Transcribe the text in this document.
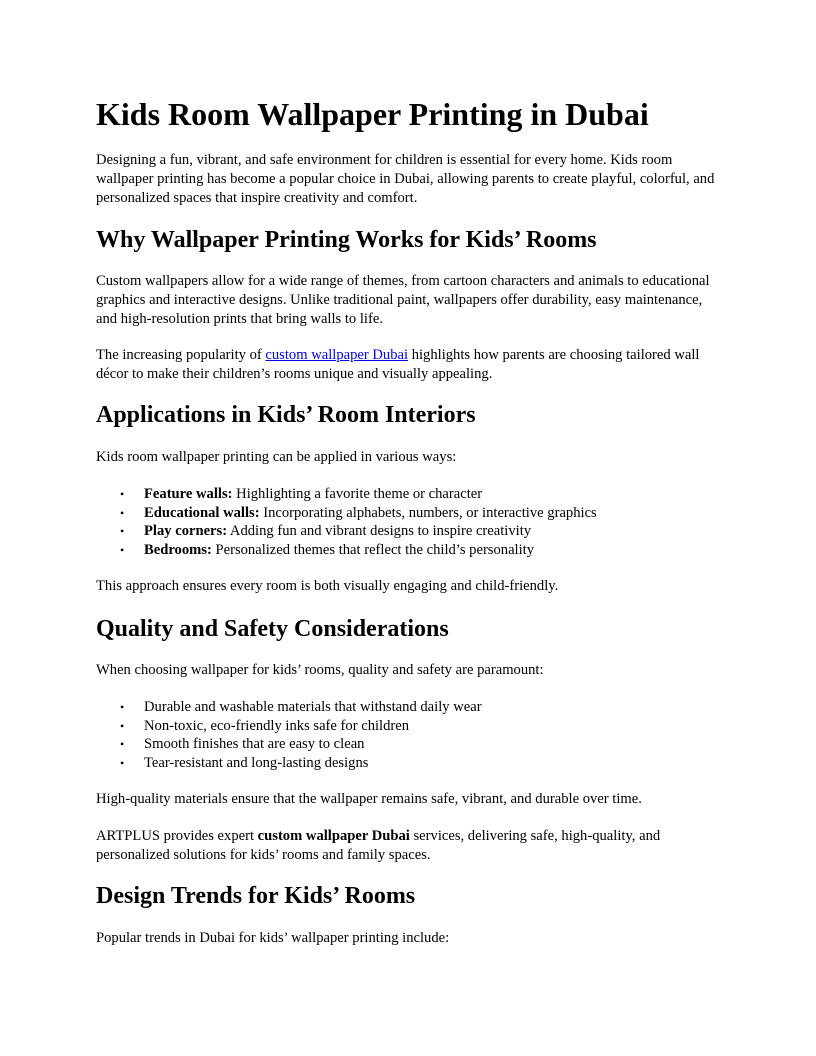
Kids Room Wallpaper Printing in Dubai

Designing a fun, vibrant, and safe environment for children is essential for every home. Kids room wallpaper printing has become a popular choice in Dubai, allowing parents to create playful, colorful, and personalized spaces that inspire creativity and comfort.

Why Wallpaper Printing Works for Kids’ Rooms

Custom wallpapers allow for a wide range of themes, from cartoon characters and animals to educational graphics and interactive designs. Unlike traditional paint, wallpapers offer durability, easy maintenance, and high-resolution prints that bring walls to life.

The increasing popularity of custom wallpaper Dubai highlights how parents are choosing tailored wall décor to make their children’s rooms unique and visually appealing.

Applications in Kids’ Room Interiors

Kids room wallpaper printing can be applied in various ways:

• Feature walls: Highlighting a favorite theme or character
• Educational walls: Incorporating alphabets, numbers, or interactive graphics
• Play corners: Adding fun and vibrant designs to inspire creativity
• Bedrooms: Personalized themes that reflect the child’s personality

This approach ensures every room is both visually engaging and child-friendly.

Quality and Safety Considerations

When choosing wallpaper for kids’ rooms, quality and safety are paramount:

• Durable and washable materials that withstand daily wear
• Non-toxic, eco-friendly inks safe for children
• Smooth finishes that are easy to clean
• Tear-resistant and long-lasting designs

High-quality materials ensure that the wallpaper remains safe, vibrant, and durable over time.

ARTPLUS provides expert custom wallpaper Dubai services, delivering safe, high-quality, and personalized solutions for kids’ rooms and family spaces.

Design Trends for Kids’ Rooms

Popular trends in Dubai for kids’ wallpaper printing include:
